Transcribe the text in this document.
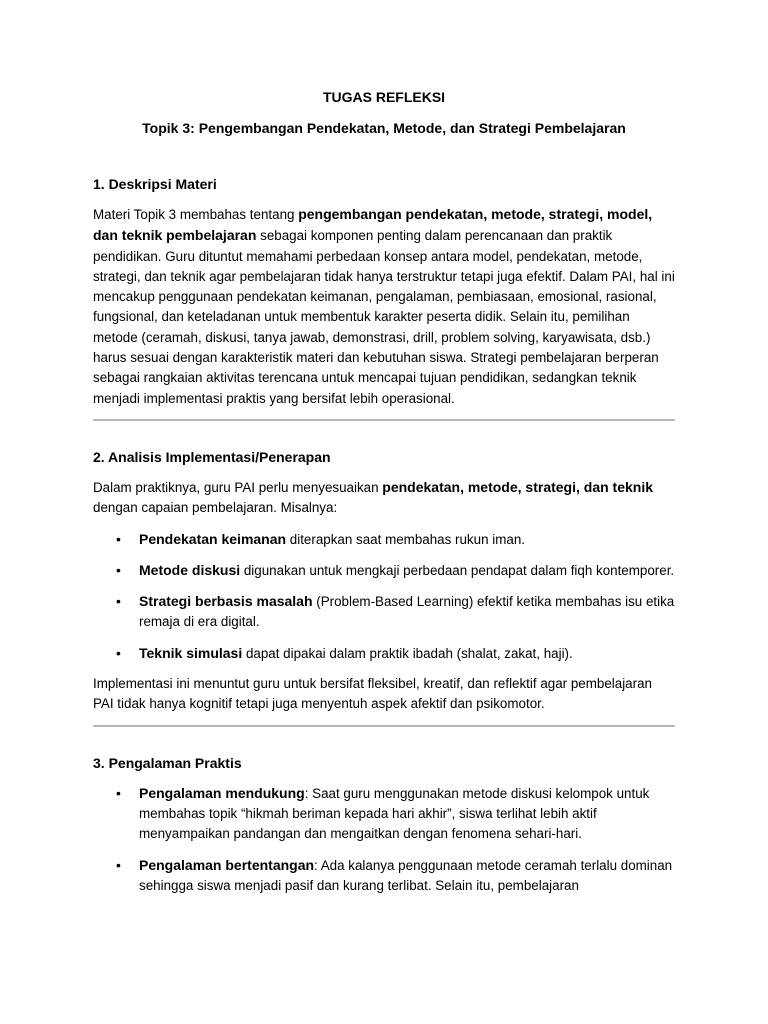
TUGAS REFLEKSI

Topik 3: Pengembangan Pendekatan, Metode, dan Strategi Pembelajaran

1. Deskripsi Materi

Materi Topik 3 membahas tentang pengembangan pendekatan, metode, strategi, model, dan teknik pembelajaran sebagai komponen penting dalam perencanaan dan praktik pendidikan. Guru dituntut memahami perbedaan konsep antara model, pendekatan, metode, strategi, dan teknik agar pembelajaran tidak hanya terstruktur tetapi juga efektif. Dalam PAI, hal ini mencakup penggunaan pendekatan keimanan, pengalaman, pembiasaan, emosional, rasional, fungsional, dan keteladanan untuk membentuk karakter peserta didik. Selain itu, pemilihan metode (ceramah, diskusi, tanya jawab, demonstrasi, drill, problem solving, karyawisata, dsb.) harus sesuai dengan karakteristik materi dan kebutuhan siswa. Strategi pembelajaran berperan sebagai rangkaian aktivitas terencana untuk mencapai tujuan pendidikan, sedangkan teknik menjadi implementasi praktis yang bersifat lebih operasional.

2. Analisis Implementasi/Penerapan

Dalam praktiknya, guru PAI perlu menyesuaikan pendekatan, metode, strategi, dan teknik dengan capaian pembelajaran. Misalnya:

• Pendekatan keimanan diterapkan saat membahas rukun iman.
• Metode diskusi digunakan untuk mengkaji perbedaan pendapat dalam fiqh kontemporer.
• Strategi berbasis masalah (Problem-Based Learning) efektif ketika membahas isu etika remaja di era digital.
• Teknik simulasi dapat dipakai dalam praktik ibadah (shalat, zakat, haji).

Implementasi ini menuntut guru untuk bersifat fleksibel, kreatif, dan reflektif agar pembelajaran PAI tidak hanya kognitif tetapi juga menyentuh aspek afektif dan psikomotor.

3. Pengalaman Praktis
• Pengalaman mendukung: Saat guru menggunakan metode diskusi kelompok untuk membahas topik “hikmah beriman kepada hari akhir”, siswa terlihat lebih aktif menyampaikan pandangan dan mengaitkan dengan fenomena sehari-hari.
• Pengalaman bertentangan: Ada kalanya penggunaan metode ceramah terlalu dominan sehingga siswa menjadi pasif dan kurang terlibat. Selain itu, pembelajaran
